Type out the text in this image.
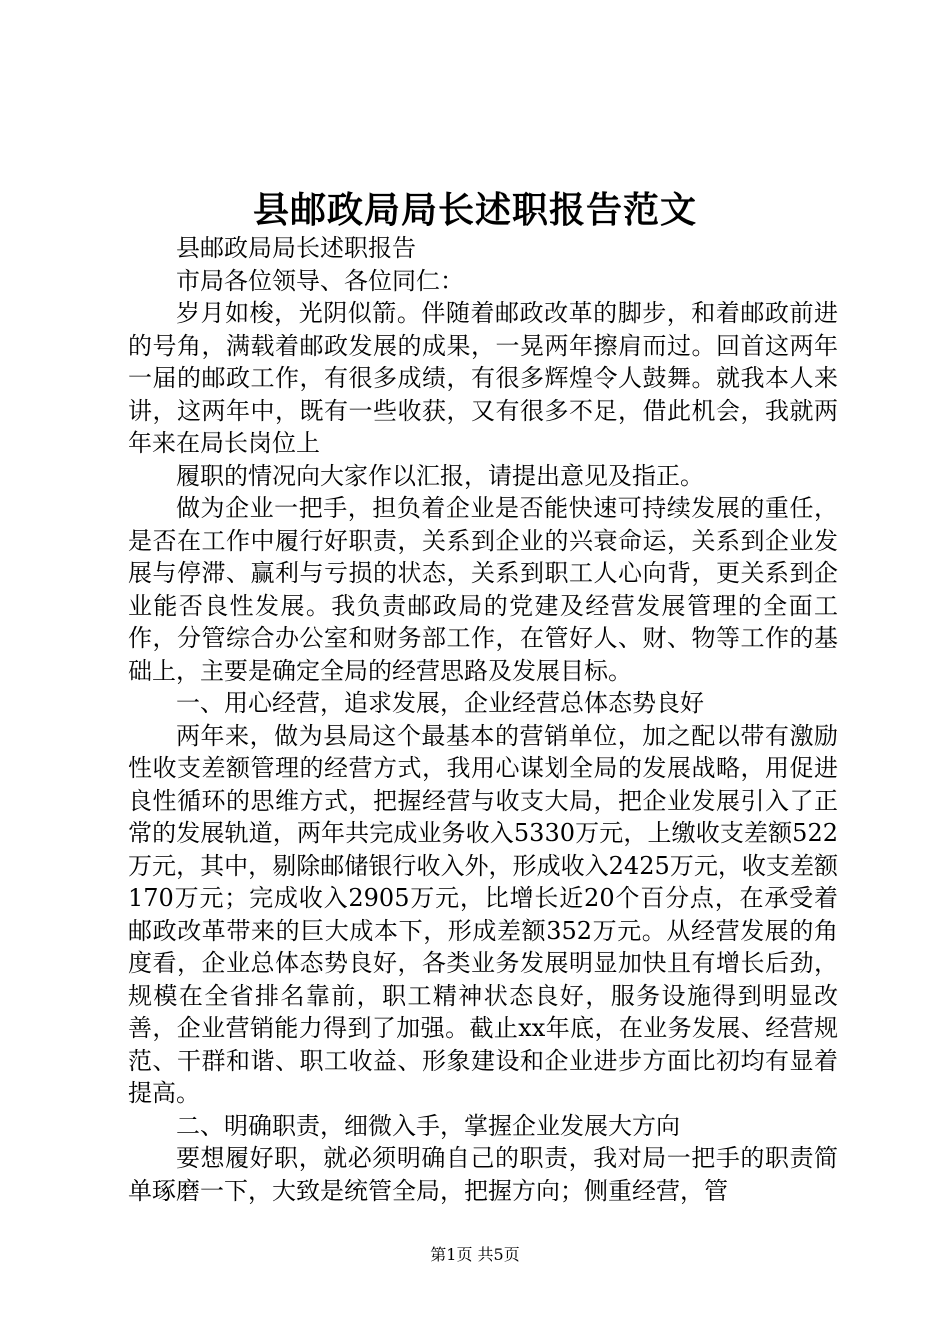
县邮政局局长述职报告范文

县邮政局局长述职报告

市局各位领导、各位同仁：

岁月如梭，光阴似箭。伴随着邮政改革的脚步，和着邮政前进的号角，满载着邮政发展的成果，一晃两年擦肩而过。回首这两年一届的邮政工作，有很多成绩，有很多辉煌令人鼓舞。就我本人来讲，这两年中，既有一些收获，又有很多不足，借此机会，我就两年来在局长岗位上

履职的情况向大家作以汇报，请提出意见及指正。

做为企业一把手，担负着企业是否能快速可持续发展的重任，是否在工作中履行好职责，关系到企业的兴衰命运，关系到企业发展与停滞、赢利与亏损的状态，关系到职工人心向背，更关系到企业能否良性发展。我负责邮政局的党建及经营发展管理的全面工作，分管综合办公室和财务部工作，在管好人、财、物等工作的基础上，主要是确定全局的经营思路及发展目标。

一、用心经营，追求发展，企业经营总体态势良好

两年来，做为县局这个最基本的营销单位，加之配以带有激励性收支差额管理的经营方式，我用心谋划全局的发展战略，用促进良性循环的思维方式，把握经营与收支大局，把企业发展引入了正常的发展轨道，两年共完成业务收入5330万元，上缴收支差额522万元，其中，剔除邮储银行收入外，形成收入2425万元，收支差额170万元；完成收入2905万元，比增长近20个百分点，在承受着邮政改革带来的巨大成本下，形成差额352万元。从经营发展的角度看，企业总体态势良好，各类业务发展明显加快且有增长后劲，规模在全省排名靠前，职工精神状态良好，服务设施得到明显改善，企业营销能力得到了加强。截止xx年底，在业务发展、经营规范、干群和谐、职工收益、形象建设和企业进步方面比初均有显着提高。

二、明确职责，细微入手，掌握企业发展大方向

要想履好职，就必须明确自己的职责，我对局一把手的职责简单琢磨一下，大致是统管全局，把握方向；侧重经营，管

第1页 共5页
